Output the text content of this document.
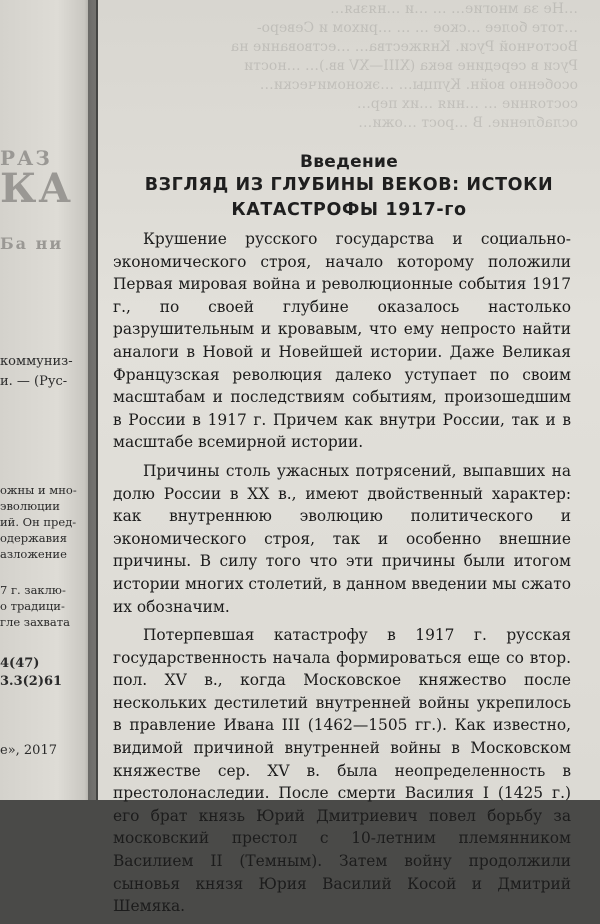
РАЗ
КА
Ба ни
коммуниз-
и. — (Рус-
ожны и мно-
эволюции
ий. Он пред-
одержавия
азложение
7 г. заклю-
о традици-
гле захвата
4(47)
3.3(2)61
е», 2017
…Не за многие… … …и …нязья…
…тоте более …ское … … …рихом и Северо-
Восточной Руси. Княжества… …ествование на
Руси в середине века (XIII—XV вв.)… …ности
особенно войн. Купцы… …экономически…
состояние … …ния …их пер…
ослабление. В …рост …ожи…
Введение
ВЗГЛЯД ИЗ ГЛУБИНЫ ВЕКОВ: ИСТОКИ
КАТАСТРОФЫ 1917-го

Крушение русского государства и социально-экономического строя, начало которому положили Первая мировая война и революционные события 1917 г., по своей глубине оказалось настолько разрушительным и кровавым, что ему непросто найти аналоги в Новой и Новейшей истории. Даже Великая Французская революция далеко уступает по своим масштабам и последствиям событиям, произошедшим в России в 1917 г. Причем как внутри России, так и в масштабе всемирной истории.

Причины столь ужасных потрясений, выпавших на долю России в XX в., имеют двойственный характер: как внутреннюю эволюцию политического и экономического строя, так и особенно внешние причины. В силу того что эти причины были итогом истории многих столетий, в данном введении мы сжато их обозначим.

Потерпевшая катастрофу в 1917 г. русская государственность начала формироваться еще со втор. пол. XV в., когда Московское княжество после нескольких дестилетий внутренней войны укрепилось в правление Ивана III (1462—1505 гг.). Как известно, видимой причиной внутренней войны в Московском княжестве сер. XV в. была неопределенность в престолонаследии. После смерти Василия I (1425 г.) его брат князь Юрий Дмитриевич повел борьбу за московский престол с 10-летним племянником Василием II (Темным). Затем войну продолжили сыновья князя Юрия Василий Косой и Дмитрий Шемяка.
